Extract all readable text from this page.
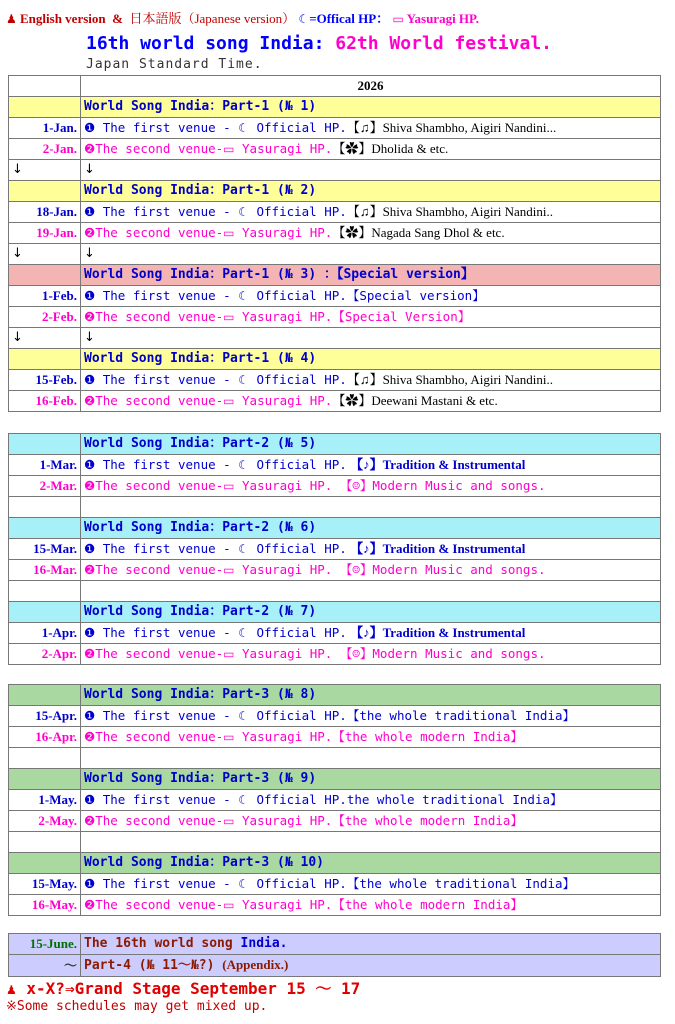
♟ English version & 日本語版（Japanese version） ☾=Offical HP： ▭ Yasuragi HP.
16th world song India: 62th World festival.
Japan Standard Time.
	2026
	World Song India：Part-1 (№ 1)
1-Jan.	❶ The first venue - ☾ Official HP.【♫】Shiva Shambho, Aigiri Nandini...
2-Jan.	❷The second venue-▭ Yasuragi HP.【✿】Dholida & etc.
↓	↓
	World Song India：Part-1 (№ 2)
18-Jan.	❶ The first venue - ☾ Official HP.【♫】Shiva Shambho, Aigiri Nandini..
19-Jan.	❷The second venue-▭ Yasuragi HP.【✿】Nagada Sang Dhol & etc.
↓	↓
	World Song India：Part-1 (№ 3) ：【Special version】
1-Feb.	❶ The first venue - ☾ Official HP.【Special version】
2-Feb.	❷The second venue-▭ Yasuragi HP.【Special Version】
↓	↓
	World Song India：Part-1 (№ 4)
15-Feb.	❶ The first venue - ☾ Official HP.【♫】Shiva Shambho, Aigiri Nandini..
16-Feb.	❷The second venue-▭ Yasuragi HP.【✿】Deewani Mastani & etc.
	World Song India：Part-2 (№ 5)
1-Mar.	❶ The first venue - ☾ Official HP. 【♪】Tradition & Instrumental
2-Mar.	❷The second venue-▭ Yasuragi HP. 【☺】Modern Music and songs.

	World Song India：Part-2 (№ 6)
15-Mar.	❶ The first venue - ☾ Official HP. 【♪】Tradition & Instrumental
16-Mar.	❷The second venue-▭ Yasuragi HP. 【☺】Modern Music and songs.

	World Song India：Part-2 (№ 7)
1-Apr.	❶ The first venue - ☾ Official HP. 【♪】Tradition & Instrumental
2-Apr.	❷The second venue-▭ Yasuragi HP. 【☺】Modern Music and songs.
	World Song India：Part-3 (№ 8)
15-Apr.	❶ The first venue - ☾ Official HP.【the whole traditional India】
16-Apr.	❷The second venue-▭ Yasuragi HP.【the whole modern India】

	World Song India：Part-3 (№ 9)
1-May.	❶ The first venue - ☾ Official HP.the whole traditional India】
2-May.	❷The second venue-▭ Yasuragi HP.【the whole modern India】

	World Song India：Part-3 (№ 10)
15-May.	❶ The first venue - ☾ Official HP.【the whole traditional India】
16-May.	❷The second venue-▭ Yasuragi HP.【the whole modern India】
15-June.	The 16th world song India.
～	Part-4 (№ 11～№?) (Appendix.)
♟ x-X?⇒Grand Stage September 15 ～ 17
※Some schedules may get mixed up.
